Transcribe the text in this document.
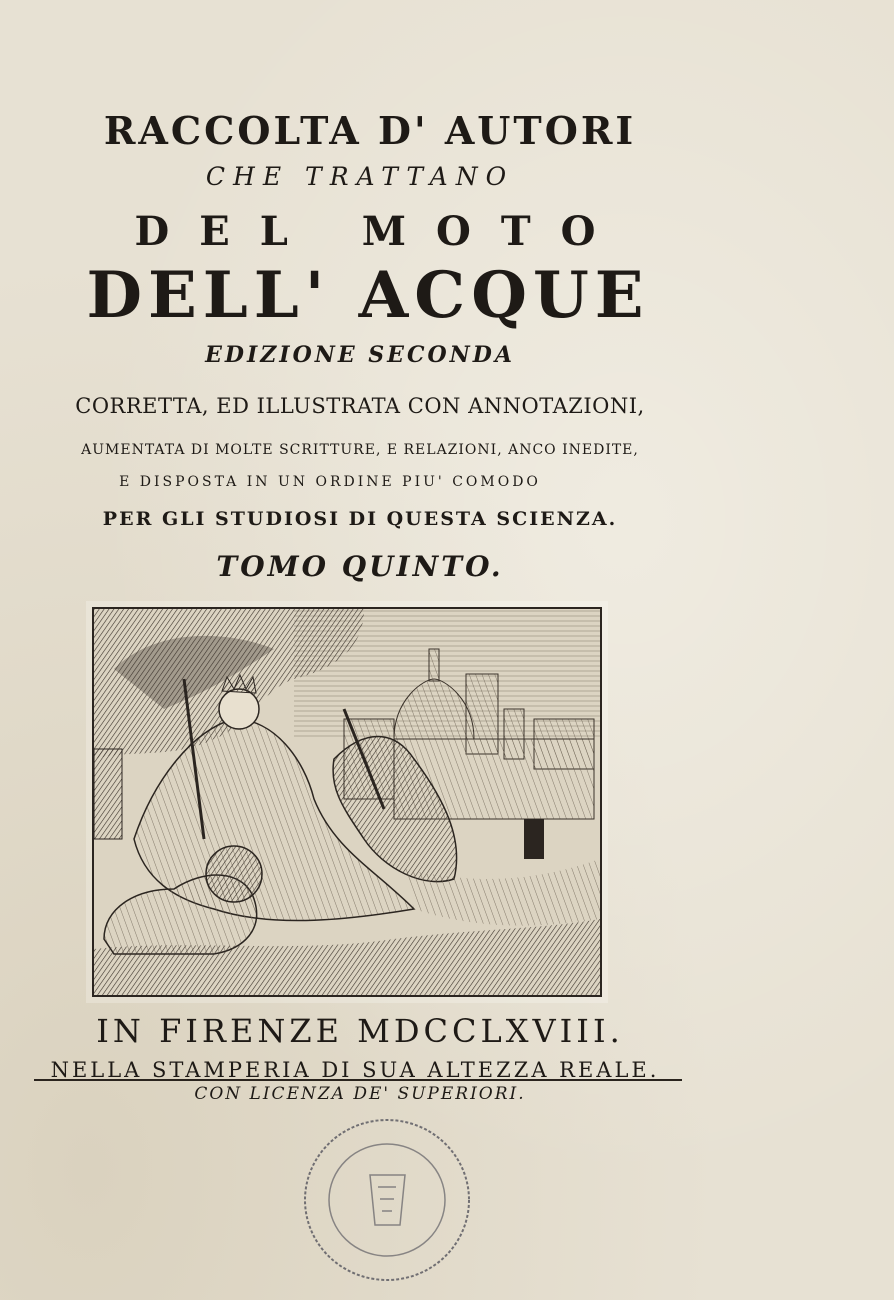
RACCOLTA D' AUTORI
CHE TRATTANO
DEL MOTO
DELL' ACQUE
EDIZIONE SECONDA
CORRETTA, ED ILLUSTRATA CON ANNOTAZIONI,
AUMENTATA DI MOLTE SCRITTURE, E RELAZIONI, ANCO INEDITE,
E DISPOSTA IN UN ORDINE PIU' COMODO
PER GLI STUDIOSI DI QUESTA SCIENZA.
TOMO QUINTO.
IN FIRENZE MDCCLXVIII.
NELLA STAMPERIA DI SUA ALTEZZA REALE.
CON LICENZA DE' SUPERIORI.
